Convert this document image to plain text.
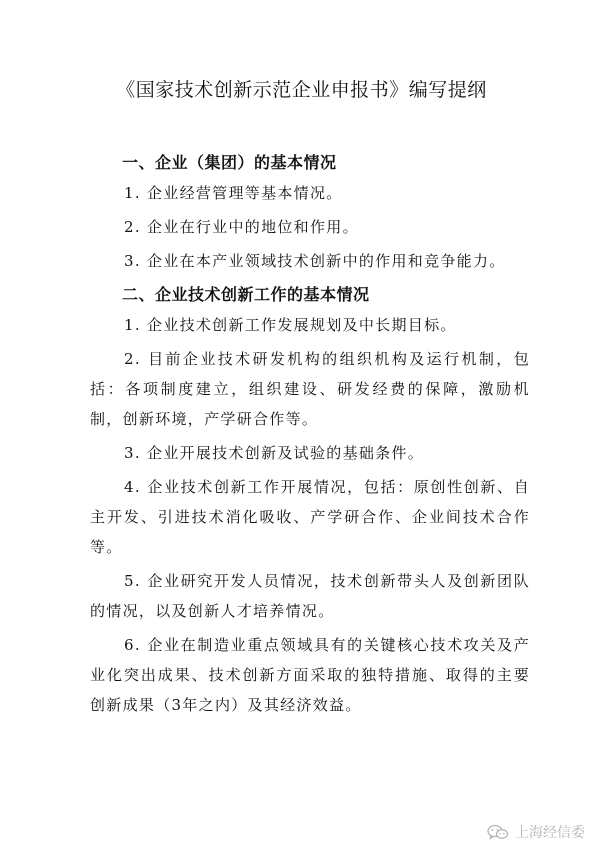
《国家技术创新示范企业申报书》编写提纲
一、企业（集团）的基本情况

1. 企业经营管理等基本情况。

2. 企业在行业中的地位和作用。

3. 企业在本产业领域技术创新中的作用和竞争能力。

二、企业技术创新工作的基本情况

1. 企业技术创新工作发展规划及中长期目标。

2. 目前企业技术研发机构的组织机构及运行机制，包括：各项制度建立，组织建设、研发经费的保障，激励机制，创新环境，产学研合作等。

3. 企业开展技术创新及试验的基础条件。

4. 企业技术创新工作开展情况，包括：原创性创新、自主开发、引进技术消化吸收、产学研合作、企业间技术合作等。

5. 企业研究开发人员情况，技术创新带头人及创新团队的情况，以及创新人才培养情况。

6. 企业在制造业重点领域具有的关键核心技术攻关及产业化突出成果、技术创新方面采取的独特措施、取得的主要创新成果（3年之内）及其经济效益。

上海经信委
